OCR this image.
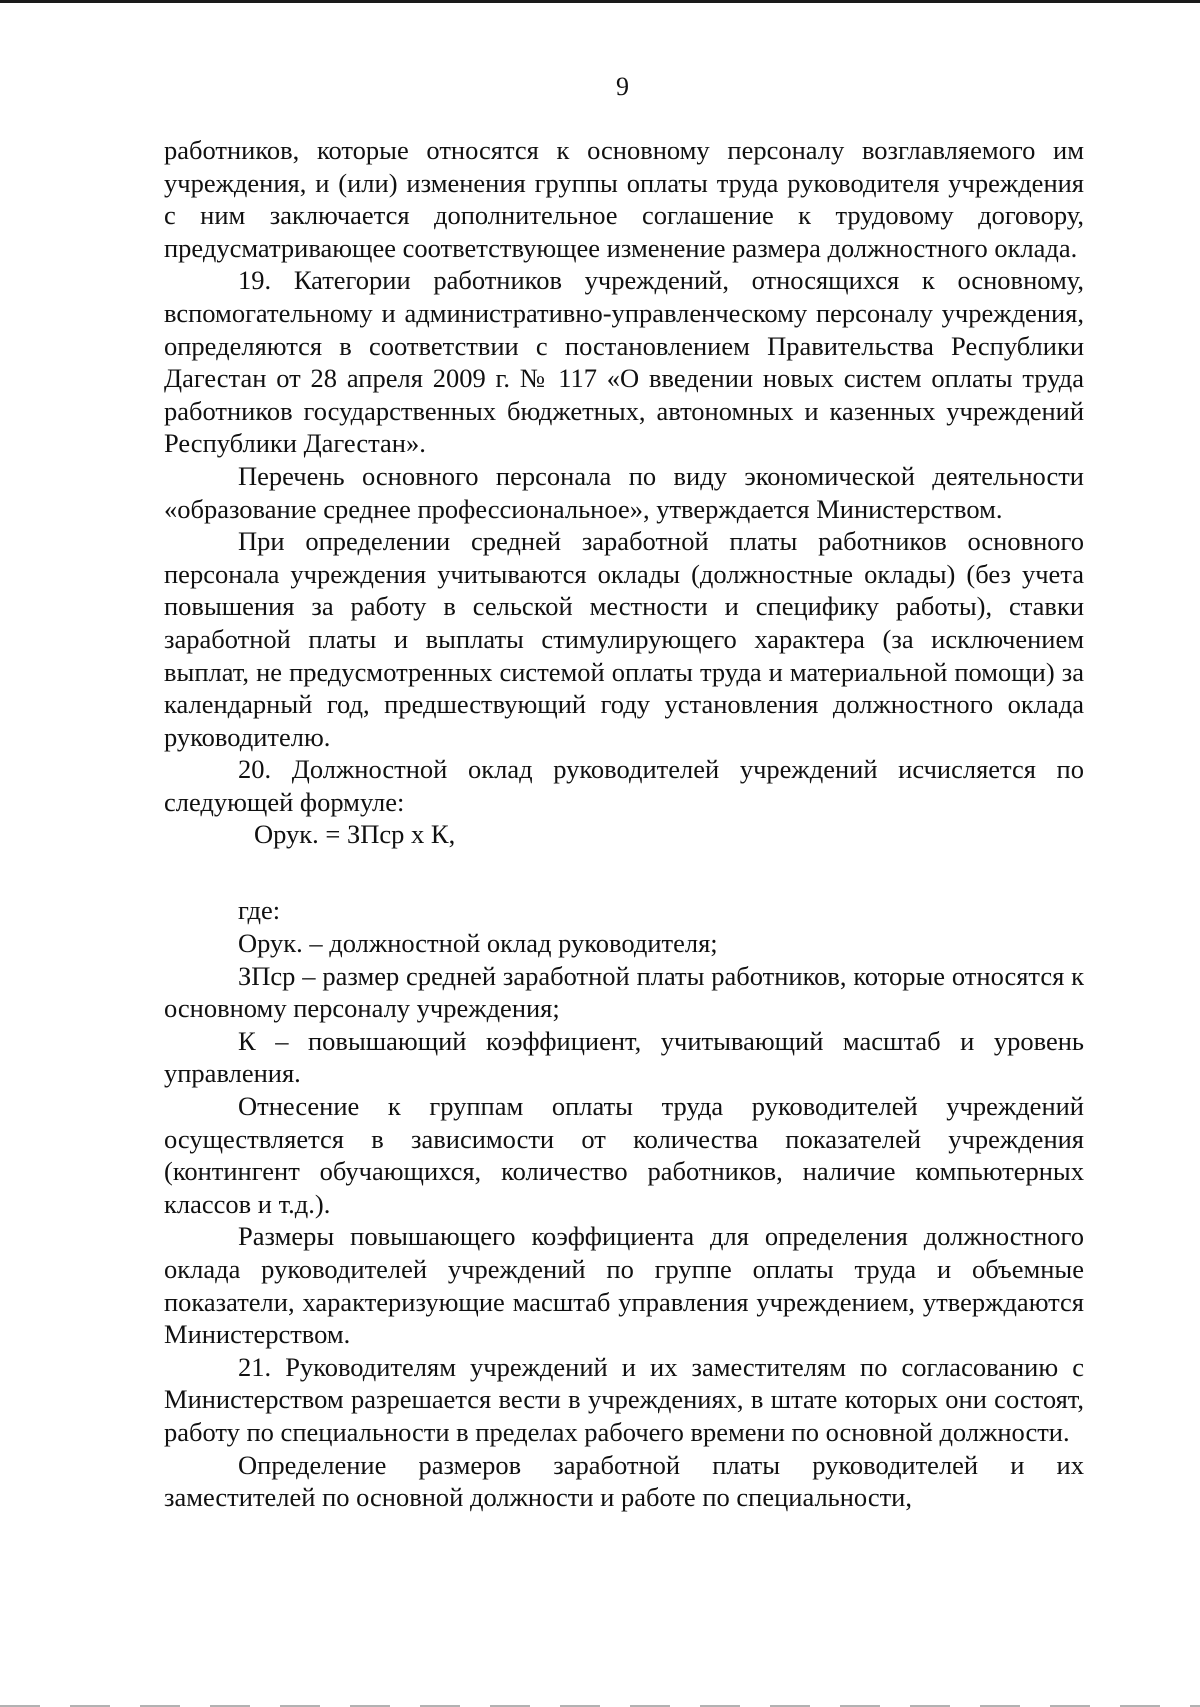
9

работников, которые относятся к основному персоналу возглавляемого им учреждения, и (или) изменения группы оплаты труда руководителя учреждения с ним заключается дополнительное соглашение к трудовому договору, предусматривающее соответствующее изменение размера должностного оклада.

19. Категории работников учреждений, относящихся к основному, вспомогательному и административно-управленческому персоналу учреждения, определяются в соответствии с постановлением Правительства Республики Дагестан от 28 апреля 2009 г. № 117 «О введении новых систем оплаты труда работников государственных бюджетных, автономных и казенных учреждений Республики Дагестан».

Перечень основного персонала по виду экономической деятельности «образование среднее профессиональное», утверждается Министерством.

При определении средней заработной платы работников основного персонала учреждения учитываются оклады (должностные оклады) (без учета повышения за работу в сельской местности и специфику работы), ставки заработной платы и выплаты стимулирующего характера (за исключением выплат, не предусмотренных системой оплаты труда и материальной помощи) за календарный год, предшествующий году установления должностного оклада руководителю.

20. Должностной оклад руководителей учреждений исчисляется по следующей формуле:

Орук. = ЗПср х К,

где:

Орук. – должностной оклад руководителя;

ЗПср – размер средней заработной платы работников, которые относятся к основному персоналу учреждения;

К – повышающий коэффициент, учитывающий масштаб и уровень управления.

Отнесение к группам оплаты труда руководителей учреждений осуществляется в зависимости от количества показателей учреждения (контингент обучающихся, количество работников, наличие компьютерных классов и т.д.).

Размеры повышающего коэффициента для определения должностного оклада руководителей учреждений по группе оплаты труда и объемные показатели, характеризующие масштаб управления учреждением, утверждаются Министерством.

21. Руководителям учреждений и их заместителям по согласованию с Министерством разрешается вести в учреждениях, в штате которых они состоят, работу по специальности в пределах рабочего времени по основной должности.

Определение размеров заработной платы руководителей и их заместителей по основной должности и работе по специальности,
